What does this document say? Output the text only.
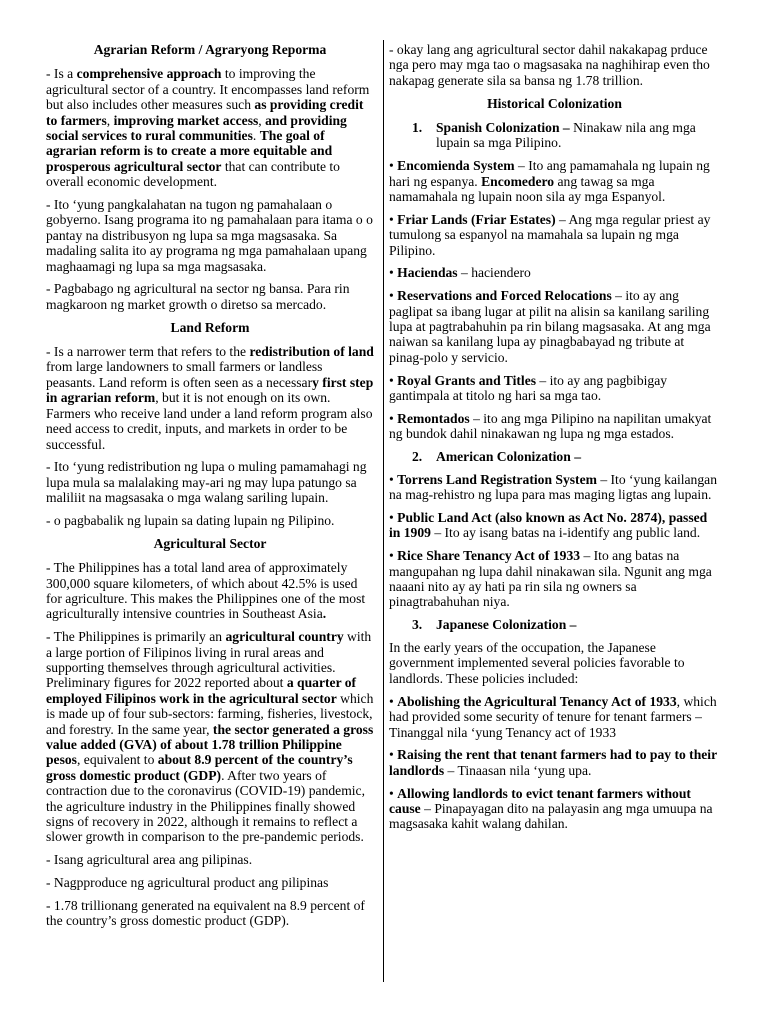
Agrarian Reform / Agraryong Reporma

- Is a comprehensive approach to improving the agricultural sector of a country. It encompasses land reform but also includes other measures such as providing credit to farmers, improving market access, and providing social services to rural communities. The goal of agrarian reform is to create a more equitable and prosperous agricultural sector that can contribute to overall economic development.

- Ito ‘yung pangkalahatan na tugon ng pamahalaan o gobyerno. Isang programa ito ng pamahalaan para itama o o pantay na distribusyon ng lupa sa mga magsasaka. Sa madaling salita ito ay programa ng mga pamahalaan upang maghaamagi ng lupa sa mga magsasaka.

- Pagbabago ng agricultural na sector ng bansa. Para rin magkaroon ng market growth o diretso sa mercado.

Land Reform

- Is a narrower term that refers to the redistribution of land from large landowners to small farmers or landless peasants. Land reform is often seen as a necessary first step in agrarian reform, but it is not enough on its own. Farmers who receive land under a land reform program also need access to credit, inputs, and markets in order to be successful.

- Ito ‘yung redistribution ng lupa o muling pamamahagi ng lupa mula sa malalaking may-ari ng may lupa patungo sa maliliit na magsasaka o mga walang sariling lupain.

- o pagbabalik ng lupain sa dating lupain ng Pilipino.

Agricultural Sector

- The Philippines has a total land area of approximately 300,000 square kilometers, of which about 42.5% is used for agriculture. This makes the Philippines one of the most agriculturally intensive countries in Southeast Asia.

- The Philippines is primarily an agricultural country with a large portion of Filipinos living in rural areas and supporting themselves through agricultural activities. Preliminary figures for 2022 reported about a quarter of employed Filipinos work in the agricultural sector which is made up of four sub-sectors: farming, fisheries, livestock, and forestry. In the same year, the sector generated a gross value added (GVA) of about 1.78 trillion Philippine pesos, equivalent to about 8.9 percent of the country’s gross domestic product (GDP). After two years of contraction due to the coronavirus (COVID-19) pandemic, the agriculture industry in the Philippines finally showed signs of recovery in 2022, although it remains to reflect a slower growth in comparison to the pre-pandemic periods.

- Isang agricultural area ang pilipinas.

- Nagpproduce ng agricultural product ang pilipinas

- 1.78 trillionang generated na equivalent na 8.9 percent of the country’s gross domestic product (GDP).

- okay lang ang agricultural sector dahil nakakapag prduce nga pero may mga tao o magsasaka na naghihirap even tho nakapag generate sila sa bansa ng 1.78 trillion.

Historical Colonization

1. Spanish Colonization – Ninakaw nila ang mga lupain sa mga Pilipino.

• Encomienda System – Ito ang pamamahala ng lupain ng hari ng espanya. Encomedero ang tawag sa mga namamahala ng lupain noon sila ay mga Espanyol.

• Friar Lands (Friar Estates) – Ang mga regular priest ay tumulong sa espanyol na mamahala sa lupain ng mga Pilipino.

• Haciendas – haciendero

• Reservations and Forced Relocations – ito ay ang paglipat sa ibang lugar at pilit na alisin sa kanilang sariling lupa at pagtrabahuhin pa rin bilang magsasaka. At ang mga naiwan sa kanilang lupa ay pinagbabayad ng tribute at pinag-polo y servicio.

• Royal Grants and Titles – ito ay ang pagbibigay gantimpala at titolo ng hari sa mga tao.

• Remontados – ito ang mga Pilipino na napilitan umakyat ng bundok dahil ninakawan ng lupa ng mga estados.

2. American Colonization –

• Torrens Land Registration System – Ito ‘yung kailangan na mag-rehistro ng lupa para mas maging ligtas ang lupain.

• Public Land Act (also known as Act No. 2874), passed in 1909 – Ito ay isang batas na i-identify ang public land.

• Rice Share Tenancy Act of 1933 – Ito ang batas na mangupahan ng lupa dahil ninakawan sila. Ngunit ang mga naaani nito ay ay hati pa rin sila ng owners sa pinagtrabahuhan niya.

3. Japanese Colonization –

In the early years of the occupation, the Japanese government implemented several policies favorable to landlords. These policies included:

• Abolishing the Agricultural Tenancy Act of 1933, which had provided some security of tenure for tenant farmers – Tinanggal nila ‘yung Tenancy act of 1933

• Raising the rent that tenant farmers had to pay to their landlords – Tinaasan nila ‘yung upa.

• Allowing landlords to evict tenant farmers without cause – Pinapayagan dito na palayasin ang mga umuupa na magsasaka kahit walang dahilan.
